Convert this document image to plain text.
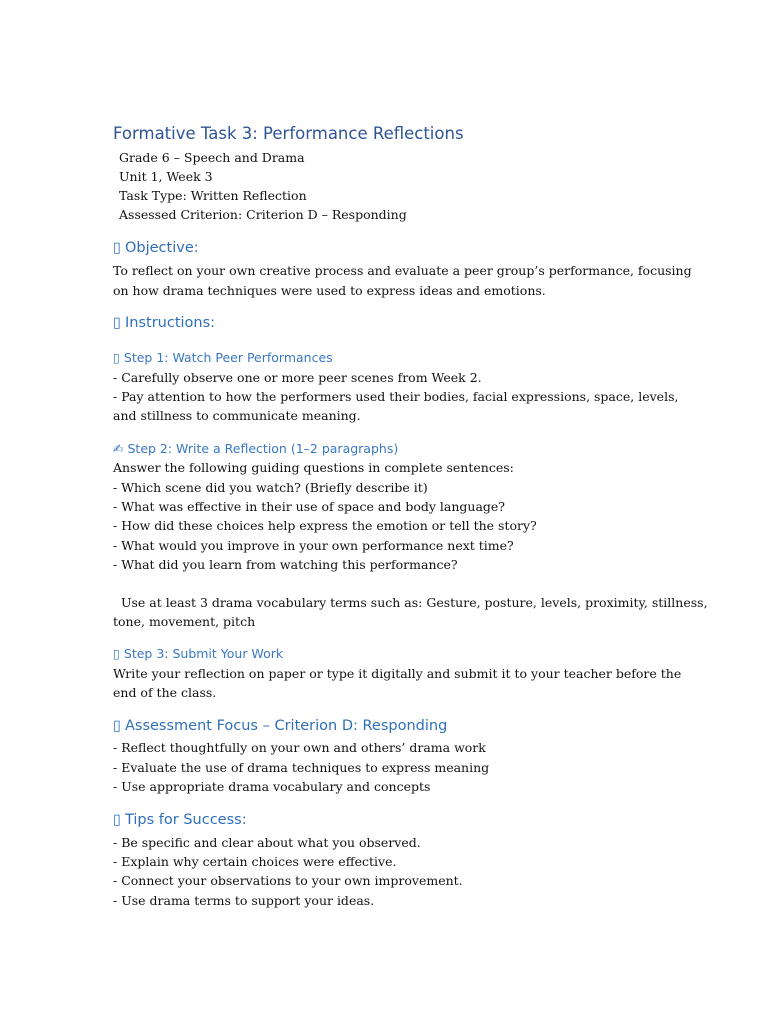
Formative Task 3: Performance Reflections
Grade 6 – Speech and Drama
Unit 1, Week 3
Task Type: Written Reflection
Assessed Criterion: Criterion D – Responding
▯ Objective:
To reflect on your own creative process and evaluate a peer group’s performance, focusing
on how drama techniques were used to express ideas and emotions.
▯ Instructions:
▯ Step 1: Watch Peer Performances
- Carefully observe one or more peer scenes from Week 2.
- Pay attention to how the performers used their bodies, facial expressions, space, levels,
and stillness to communicate meaning.
✍ Step 2: Write a Reflection (1–2 paragraphs)
Answer the following guiding questions in complete sentences:
- Which scene did you watch? (Briefly describe it)
- What was effective in their use of space and body language?
- How did these choices help express the emotion or tell the story?
- What would you improve in your own performance next time?
- What did you learn from watching this performance?
Use at least 3 drama vocabulary terms such as: Gesture, posture, levels, proximity, stillness,
tone, movement, pitch
▯ Step 3: Submit Your Work
Write your reflection on paper or type it digitally and submit it to your teacher before the
end of the class.
▯ Assessment Focus – Criterion D: Responding
- Reflect thoughtfully on your own and others’ drama work
- Evaluate the use of drama techniques to express meaning
- Use appropriate drama vocabulary and concepts
▯ Tips for Success:
- Be specific and clear about what you observed.
- Explain why certain choices were effective.
- Connect your observations to your own improvement.
- Use drama terms to support your ideas.
